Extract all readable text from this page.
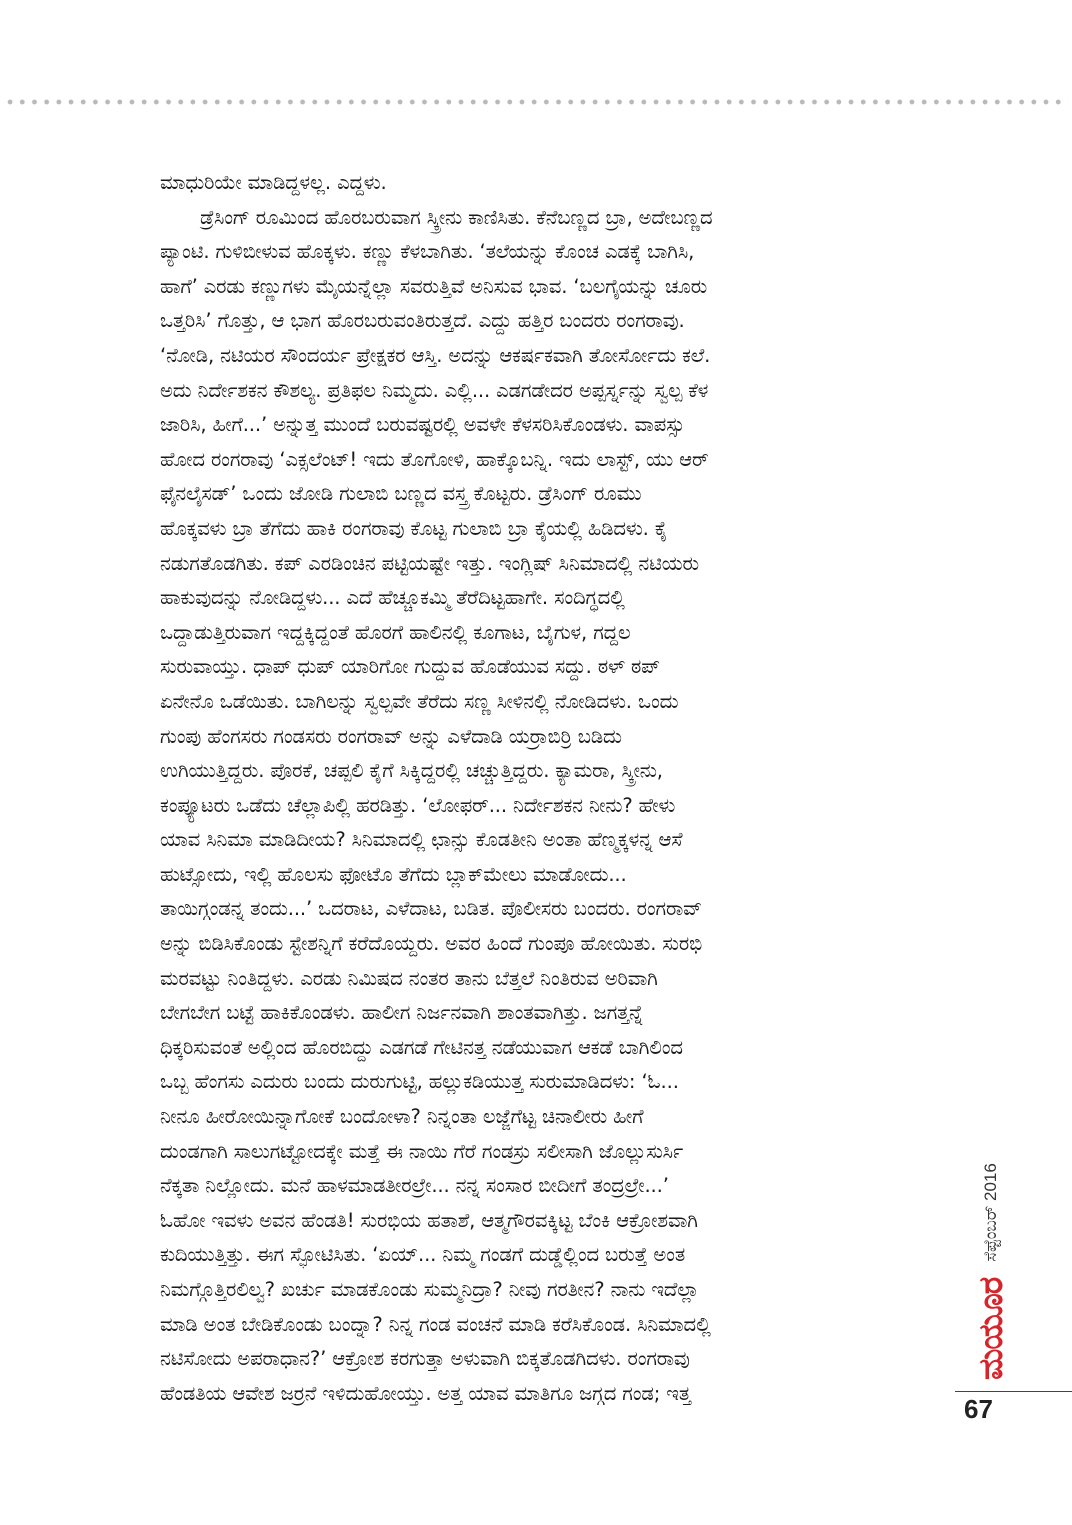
ಮಾಧುರಿಯೇ ಮಾಡಿದ್ದಳಲ್ಲ. ಎದ್ದಳು.
ಡ್ರೆಸಿಂಗ್ ರೂಮಿಂದ ಹೊರಬರುವಾಗ ಸ್ಕ್ರೀನು ಕಾಣಿಸಿತು. ಕೆನೆಬಣ್ಣದ ಬ್ರಾ, ಅದೇಬಣ್ಣದ
ಪ್ಯಾಂಟಿ. ಗುಳಿಬೀಳುವ ಹೊಕ್ಕಳು. ಕಣ್ಣು ಕೆಳಬಾಗಿತು. ‘ತಲೆಯನ್ನು ಕೊಂಚ ಎಡಕ್ಕೆ ಬಾಗಿಸಿ,
ಹಾಗೆ’ ಎರಡು ಕಣ್ಣುಗಳು ಮೈಯನ್ನೆಲ್ಲಾ ಸವರುತ್ತಿವೆ ಅನಿಸುವ ಭಾವ. ‘ಬಲಗೈಯನ್ನು ಚೂರು
ಒತ್ತರಿಸಿ’ ಗೊತ್ತು, ಆ ಭಾಗ ಹೊರಬರುವಂತಿರುತ್ತದೆ. ಎದ್ದು ಹತ್ತಿರ ಬಂದರು ರಂಗರಾವು.
‘ನೋಡಿ, ನಟಿಯರ ಸೌಂದರ್ಯ ಪ್ರೇಕ್ಷಕರ ಆಸ್ತಿ. ಅದನ್ನು ಆಕರ್ಷಕವಾಗಿ ತೋರ್ಸೋದು ಕಲೆ.
ಅದು ನಿರ್ದೇಶಕನ ಕೌಶಲ್ಯ. ಪ್ರತಿಫಲ ನಿಮ್ಮದು. ಎಲ್ಲಿ... ಎಡಗಡೇದರ ಅಪ್ಪರ್ಸ್ನನ್ನು ಸ್ವಲ್ಪ ಕೆಳ
ಜಾರಿಸಿ, ಹೀಗೆ...’ ಅನ್ನುತ್ತ ಮುಂದೆ ಬರುವಷ್ಟರಲ್ಲಿ ಅವಳೇ ಕೆಳಸರಿಸಿಕೊಂಡಳು. ವಾಪಸ್ಸು
ಹೋದ ರಂಗರಾವು ‘ಎಕ್ಸಲೆಂಟ್! ಇದು ತೊಗೋಳಿ, ಹಾಕ್ಕೊಬನ್ನಿ. ಇದು ಲಾಸ್ಟ್, ಯು ಆರ್
ಫೈನಲೈಸಡ್’ ಒಂದು ಜೋಡಿ ಗುಲಾಬಿ ಬಣ್ಣದ ವಸ್ತ್ರ ಕೊಟ್ಟರು. ಡ್ರೆಸಿಂಗ್ ರೂಮು
ಹೊಕ್ಕವಳು ಬ್ರಾ ತೆಗೆದು ಹಾಕಿ ರಂಗರಾವು ಕೊಟ್ಟ ಗುಲಾಬಿ ಬ್ರಾ ಕೈಯಲ್ಲಿ ಹಿಡಿದಳು. ಕೈ
ನಡುಗತೊಡಗಿತು. ಕಪ್ ಎರಡಿಂಚಿನ ಪಟ್ಟಿಯಷ್ಟೇ ಇತ್ತು. ಇಂಗ್ಲಿಷ್ ಸಿನಿಮಾದಲ್ಲಿ ನಟಿಯರು
ಹಾಕುವುದನ್ನು ನೋಡಿದ್ದಳು... ಎದೆ ಹೆಚ್ಚೂಕಮ್ಮಿ ತೆರೆದಿಟ್ಟಹಾಗೇ. ಸಂದಿಗ್ಧದಲ್ಲಿ
ಒದ್ದಾಡುತ್ತಿರುವಾಗ ಇದ್ದಕ್ಕಿದ್ದಂತೆ ಹೊರಗೆ ಹಾಲಿನಲ್ಲಿ ಕೂಗಾಟ, ಬೈಗುಳ, ಗದ್ದಲ
ಸುರುವಾಯ್ತು. ಧಾಪ್ ಧುಪ್ ಯಾರಿಗೋ ಗುದ್ದುವ ಹೊಡೆಯುವ ಸದ್ದು. ಠಳ್ ಠಪ್
ಏನೇನೊ ಒಡೆಯಿತು. ಬಾಗಿಲನ್ನು ಸ್ವಲ್ಪವೇ ತೆರೆದು ಸಣ್ಣ ಸೀಳಿನಲ್ಲಿ ನೋಡಿದಳು. ಒಂದು
ಗುಂಪು ಹೆಂಗಸರು ಗಂಡಸರು ರಂಗರಾವ್ ಅನ್ನು ಎಳೆದಾಡಿ ಯರ್ರಾಬಿರ್ರಿ ಬಡಿದು
ಉಗಿಯುತ್ತಿದ್ದರು. ಪೊರಕೆ, ಚಪ್ಪಲಿ ಕೈಗೆ ಸಿಕ್ಕಿದ್ದರಲ್ಲಿ ಚಚ್ಚುತ್ತಿದ್ದರು. ಕ್ಯಾಮರಾ, ಸ್ಕ್ರೀನು,
ಕಂಪ್ಯೂಟರು ಒಡೆದು ಚೆಲ್ಲಾಪಿಲ್ಲಿ ಹರಡಿತ್ತು. ‘ಲೋಫರ್... ನಿರ್ದೇಶಕನ ನೀನು? ಹೇಳು
ಯಾವ ಸಿನಿಮಾ ಮಾಡಿದೀಯ? ಸಿನಿಮಾದಲ್ಲಿ ಛಾನ್ಸು ಕೊಡತೀನಿ ಅಂತಾ ಹೆಣ್ಮಕ್ಕಳನ್ನ ಆಸೆ
ಹುಟ್ಸೋದು, ಇಲ್ಲಿ ಹೊಲಸು ಫೋಟೊ ತೆಗೆದು ಬ್ಲಾಕ್‌ಮೇಲು ಮಾಡೋದು...
ತಾಯಿಗ್ಗಂಡನ್ನ ತಂದು...’ ಒದರಾಟ, ಎಳೆದಾಟ, ಬಡಿತ. ಪೊಲೀಸರು ಬಂದರು. ರಂಗರಾವ್
ಅನ್ನು ಬಿಡಿಸಿಕೊಂಡು ಸ್ಟೇಶನ್ನಿಗೆ ಕರೆದೊಯ್ದರು. ಅವರ ಹಿಂದೆ ಗುಂಪೂ ಹೋಯಿತು. ಸುರಭಿ
ಮರವಟ್ಟು ನಿಂತಿದ್ದಳು. ಎರಡು ನಿಮಿಷದ ನಂತರ ತಾನು ಬೆತ್ತಲೆ ನಿಂತಿರುವ ಅರಿವಾಗಿ
ಬೇಗಬೇಗ ಬಟ್ಟೆ ಹಾಕಿಕೊಂಡಳು. ಹಾಲೀಗ ನಿರ್ಜನವಾಗಿ ಶಾಂತವಾಗಿತ್ತು. ಜಗತ್ತನ್ನೆ
ಧಿಕ್ಕರಿಸುವಂತೆ ಅಲ್ಲಿಂದ ಹೊರಬಿದ್ದು ಎಡಗಡೆ ಗೇಟಿನತ್ತ ನಡೆಯುವಾಗ ಆಕಡೆ ಬಾಗಿಲಿಂದ
ಒಬ್ಬ ಹೆಂಗಸು ಎದುರು ಬಂದು ದುರುಗುಟ್ಟಿ, ಹಲ್ಲುಕಡಿಯುತ್ತ ಸುರುಮಾಡಿದಳು: ‘ಓ...
ನೀನೂ ಹೀರೋಯಿನ್ನಾಗೋಕೆ ಬಂದೋಳಾ? ನಿನ್ನಂತಾ ಲಜ್ಜೆಗೆಟ್ಟ ಚಿನಾಲೀರು ಹೀಗೆ
ದುಂಡಗಾಗಿ ಸಾಲುಗಟ್ಟೋದಕ್ಕೇ ಮತ್ತೆ ಈ ನಾಯಿ ಗೆರೆ ಗಂಡಸ್ರು ಸಲೀಸಾಗಿ ಜೊಲ್ಲುಸುರ್ಸಿ
ನೆಕ್ಕತಾ ನಿಲ್ಲೋದು. ಮನೆ ಹಾಳಮಾಡತೀರಲ್ರೇ... ನನ್ನ ಸಂಸಾರ ಬೀದೀಗೆ ತಂದ್ರಲ್ರೇ...’
ಓಹೋ ಇವಳು ಅವನ ಹೆಂಡತಿ! ಸುರಭಿಯ ಹತಾಶೆ, ಆತ್ಮಗೌರವಕ್ಕಿಟ್ಟ ಬೆಂಕಿ ಆಕ್ರೋಶವಾಗಿ
ಕುದಿಯುತ್ತಿತ್ತು. ಈಗ ಸ್ಫೋಟಿಸಿತು. ‘ಏಯ್... ನಿಮ್ಮ ಗಂಡಗೆ ದುಡ್ಡೆಲ್ಲಿಂದ ಬರುತ್ತೆ ಅಂತ
ನಿಮಗ್ಗೊತ್ತಿರಲಿಲ್ವ? ಖರ್ಚು ಮಾಡಕೊಂಡು ಸುಮ್ಮನಿದ್ರಾ? ನೀವು ಗರತೀನ? ನಾನು ಇದೆಲ್ಲಾ
ಮಾಡಿ ಅಂತ ಬೇಡಿಕೊಂಡು ಬಂದ್ನಾ? ನಿನ್ನ ಗಂಡ ವಂಚನೆ ಮಾಡಿ ಕರೆಸಿಕೊಂಡ. ಸಿನಿಮಾದಲ್ಲಿ
ನಟಿಸೋದು ಅಪರಾಧಾನ?’ ಆಕ್ರೋಶ ಕರಗುತ್ತಾ ಅಳುವಾಗಿ ಬಿಕ್ಕತೊಡಗಿದಳು. ರಂಗರಾವು
ಹೆಂಡತಿಯ ಆವೇಶ ಜರ್ರನೆ ಇಳಿದುಹೋಯ್ತು. ಅತ್ತ ಯಾವ ಮಾತಿಗೂ ಜಗ್ಗದ ಗಂಡ; ಇತ್ತ
ಮಯೂರ
ಸೆಪ್ಟೆಂಬರ್ 2016
67
